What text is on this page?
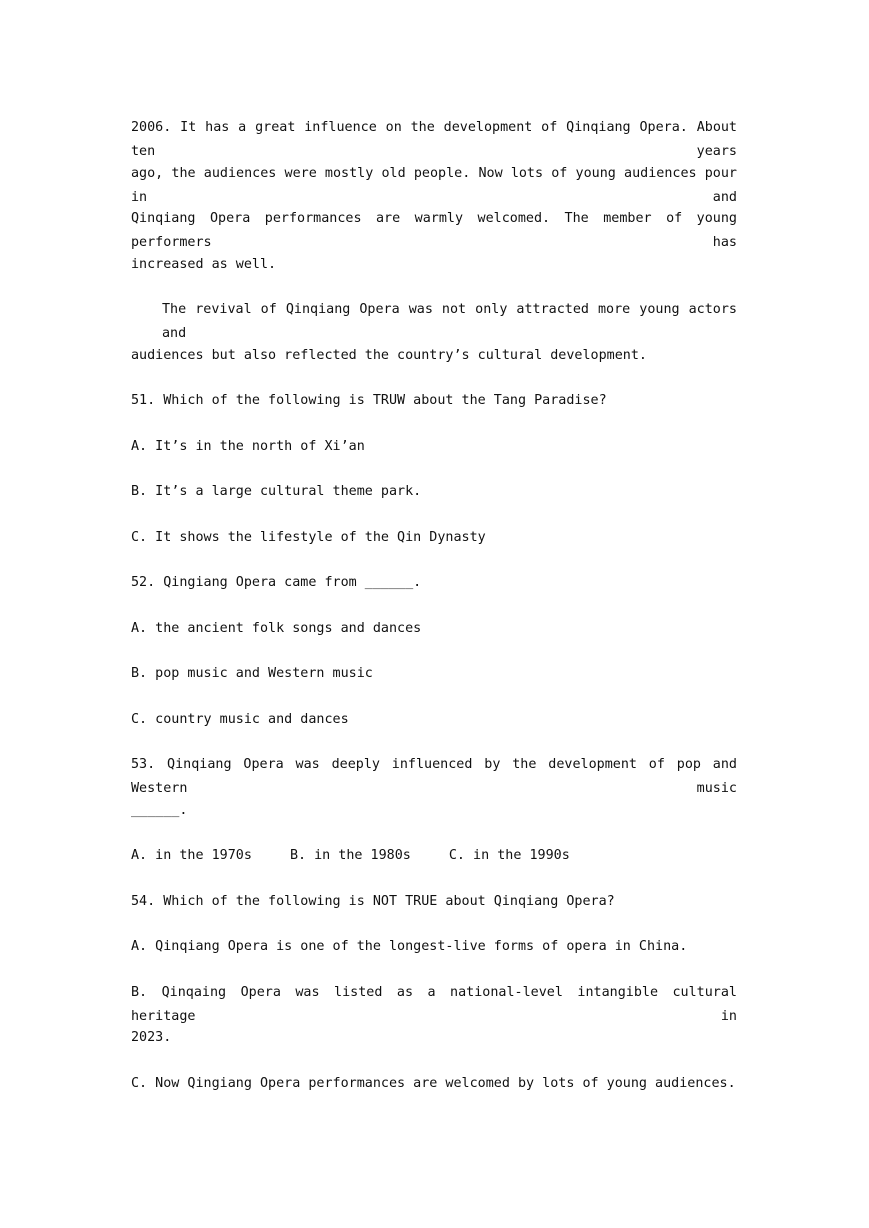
2006. It has a great influence on the development of Qinqiang Opera. About ten years
ago, the audiences were mostly old people. Now lots of young audiences pour in and
Qinqiang Opera performances are warmly welcomed. The member of young performers has
increased as well.
The revival of Qinqiang Opera was not only attracted more young actors and
audiences but also reflected the country’s cultural development.
51. Which of the following is TRUW about the Tang Paradise?
A. It’s in the north of Xi’an
B. It’s a large cultural theme park.
C. It shows the lifestyle of the Qin Dynasty
52. Qingiang Opera came from ______.
A. the ancient folk songs and dances
B. pop music and Western music
C. country music and dances
53. Qinqiang Opera was deeply influenced by the development of pop and Western music
______.
A. in the 1970s	B. in the 1980s	C. in the 1990s
54. Which of the following is NOT TRUE about Qinqiang Opera?
A. Qinqiang Opera is one of the longest-live forms of opera in China.
B. Qinqaing Opera was listed as a national-level intangible cultural heritage in
2023.
C. Now Qingiang Opera performances are welcomed by lots of young audiences.
